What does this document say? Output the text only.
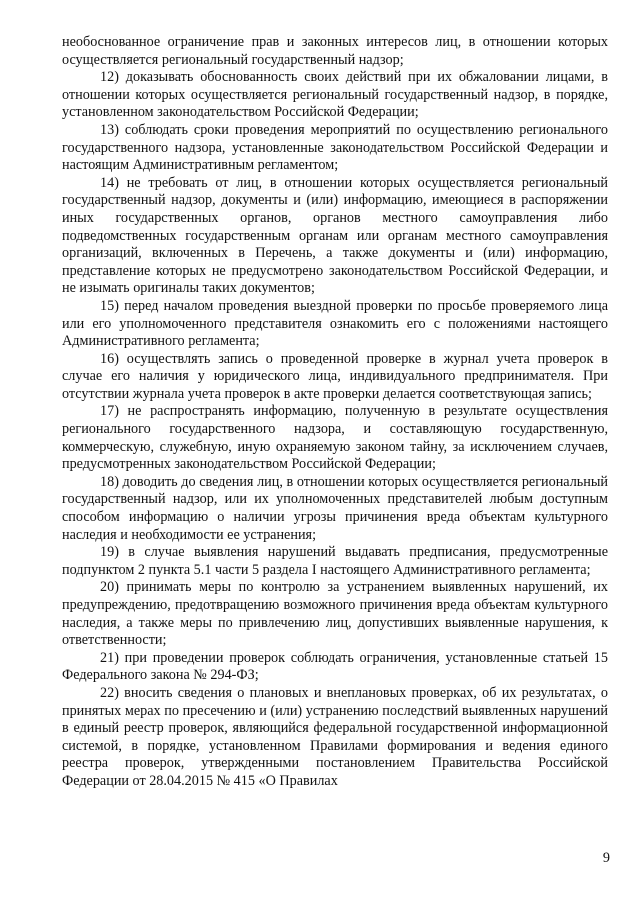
необоснованное ограничение прав и законных интересов лиц, в отношении которых осуществляется региональный государственный надзор;

12) доказывать обоснованность своих действий при их обжаловании лицами, в отношении которых осуществляется региональный государственный надзор, в порядке, установленном законодательством Российской Федерации;

13) соблюдать сроки проведения мероприятий по осуществлению регионального государственного надзора, установленные законодательством Российской Федерации и настоящим Административным регламентом;

14) не требовать от лиц, в отношении которых осуществляется региональный государственный надзор, документы и (или) информацию, имеющиеся в распоряжении иных государственных органов, органов местного самоуправления либо подведомственных государственным органам или органам местного самоуправления организаций, включенных в Перечень, а также документы и (или) информацию, представление которых не предусмотрено законодательством Российской Федерации, и не изымать оригиналы таких документов;

15) перед началом проведения выездной проверки по просьбе проверяемого лица или его уполномоченного представителя ознакомить его с положениями настоящего Административного регламента;

16) осуществлять запись о проведенной проверке в журнал учета проверок в случае его наличия у юридического лица, индивидуального предпринимателя. При отсутствии журнала учета проверок в акте проверки делается соответствующая запись;

17) не распространять информацию, полученную в результате осуществления регионального государственного надзора, и составляющую государственную, коммерческую, служебную, иную охраняемую законом тайну, за исключением случаев, предусмотренных законодательством Российской Федерации;

18) доводить до сведения лиц, в отношении которых осуществляется региональный государственный надзор, или их уполномоченных представителей любым доступным способом информацию о наличии угрозы причинения вреда объектам культурного наследия и необходимости ее устранения;

19) в случае выявления нарушений выдавать предписания, предусмотренные подпунктом 2 пункта 5.1 части 5 раздела I настоящего Административного регламента;

20) принимать меры по контролю за устранением выявленных нарушений, их предупреждению, предотвращению возможного причинения вреда объектам культурного наследия, а также меры по привлечению лиц, допустивших выявленные нарушения, к ответственности;

21) при проведении проверок соблюдать ограничения, установленные статьей 15 Федерального закона № 294-ФЗ;

22) вносить сведения о плановых и внеплановых проверках, об их результатах, о принятых мерах по пресечению и (или) устранению последствий выявленных нарушений в единый реестр проверок, являющийся федеральной государственной информационной системой, в порядке, установленном Правилами формирования и ведения единого реестра проверок, утвержденными постановлением Правительства Российской Федерации от 28.04.2015 № 415 «О Правилах

9
